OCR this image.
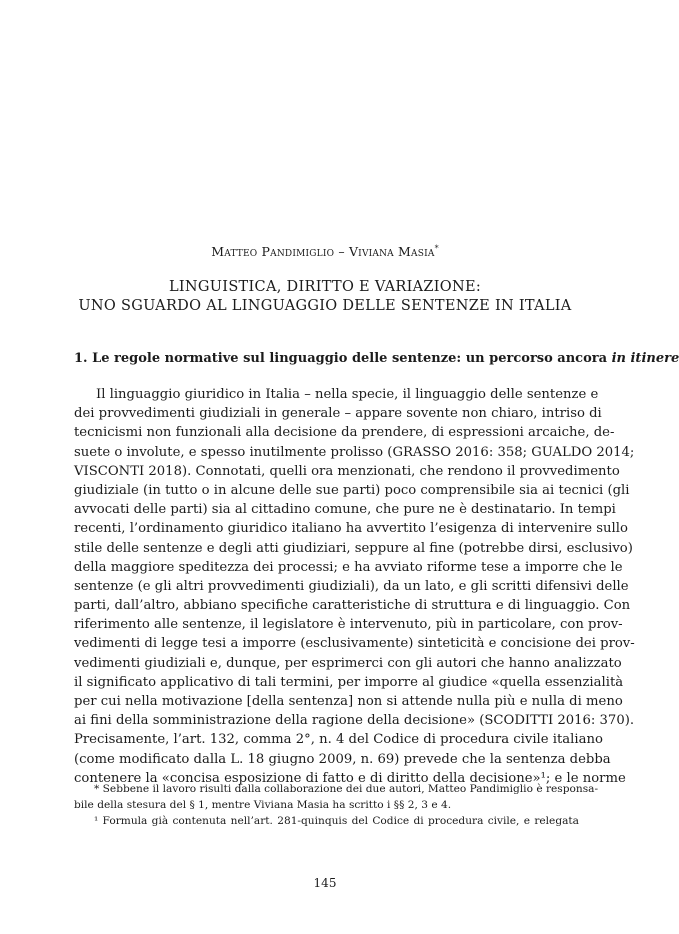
Matteo Pandimiglio – Viviana Masia*
LINGUISTICA, DIRITTO E VARIAZIONE:
UNO SGUARDO AL LINGUAGGIO DELLE SENTENZE IN ITALIA
1. Le regole normative sul linguaggio delle sentenze: un percorso ancora in itinere
Il linguaggio giuridico in Italia – nella specie, il linguaggio delle sentenze e
dei provvedimenti giudiziali in generale – appare sovente non chiaro, intriso di
tecnicismi non funzionali alla decisione da prendere, di espressioni arcaiche, de-
suete o involute, e spesso inutilmente prolisso (GRASSO 2016: 358; GUALDO 2014;
VISCONTI 2018). Connotati, quelli ora menzionati, che rendono il provvedimento
giudiziale (in tutto o in alcune delle sue parti) poco comprensibile sia ai tecnici (gli
avvocati delle parti) sia al cittadino comune, che pure ne è destinatario. In tempi
recenti, l’ordinamento giuridico italiano ha avvertito l’esigenza di intervenire sullo
stile delle sentenze e degli atti giudiziari, seppure al fine (potrebbe dirsi, esclusivo)
della maggiore speditezza dei processi; e ha avviato riforme tese a imporre che le
sentenze (e gli altri provvedimenti giudiziali), da un lato, e gli scritti difensivi delle
parti, dall’altro, abbiano specifiche caratteristiche di struttura e di linguaggio. Con
riferimento alle sentenze, il legislatore è intervenuto, più in particolare, con prov-
vedimenti di legge tesi a imporre (esclusivamente) sinteticità e concisione dei prov-
vedimenti giudiziali e, dunque, per esprimerci con gli autori che hanno analizzato
il significato applicativo di tali termini, per imporre al giudice «quella essenzialità
per cui nella motivazione [della sentenza] non si attende nulla più e nulla di meno
ai fini della somministrazione della ragione della decisione» (SCODITTI 2016: 370).
Precisamente, l’art. 132, comma 2°, n. 4 del Codice di procedura civile italiano
(come modificato dalla L. 18 giugno 2009, n. 69) prevede che la sentenza debba
contenere la «concisa esposizione di fatto e di diritto della decisione»¹; e le norme
* Sebbene il lavoro risulti dalla collaborazione dei due autori, Matteo Pandimiglio è responsa-
bile della stesura del § 1, mentre Viviana Masia ha scritto i §§ 2, 3 e 4.
¹ Formula già contenuta nell’art. 281-quinquis del Codice di procedura civile, e relegata
145
